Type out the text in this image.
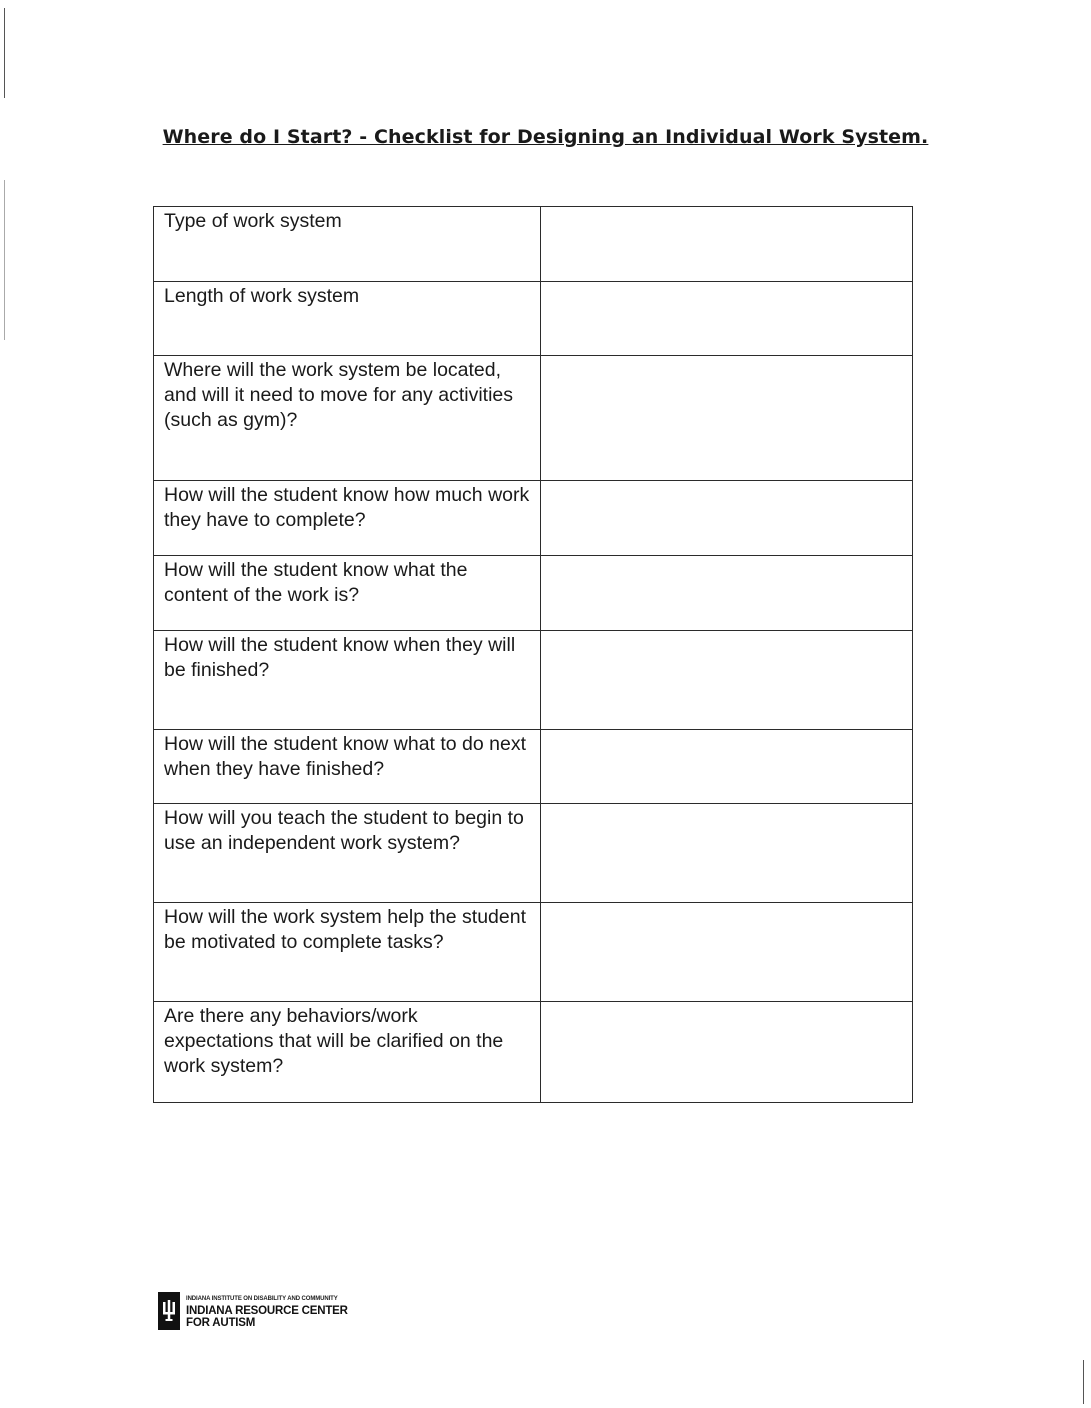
Where do I Start? - Checklist for Designing an Individual Work System.
Type of work system	
Length of work system	
Where will the work system be located, and will it need to move for any activities (such as gym)?	
How will the student know how much work they have to complete?	
How will the student know what the content of the work is?	
How will the student know when they will be finished?	
How will the student know what to do next when they have finished?	
How will you teach the student to begin to use an independent work system?	
How will the work system help the student be motivated to complete tasks?	
Are there any behaviors/work expectations that will be clarified on the work system?	
INDIANA INSTITUTE ON DISABILITY AND COMMUNITY
INDIANA RESOURCE CENTER
FOR AUTISM
